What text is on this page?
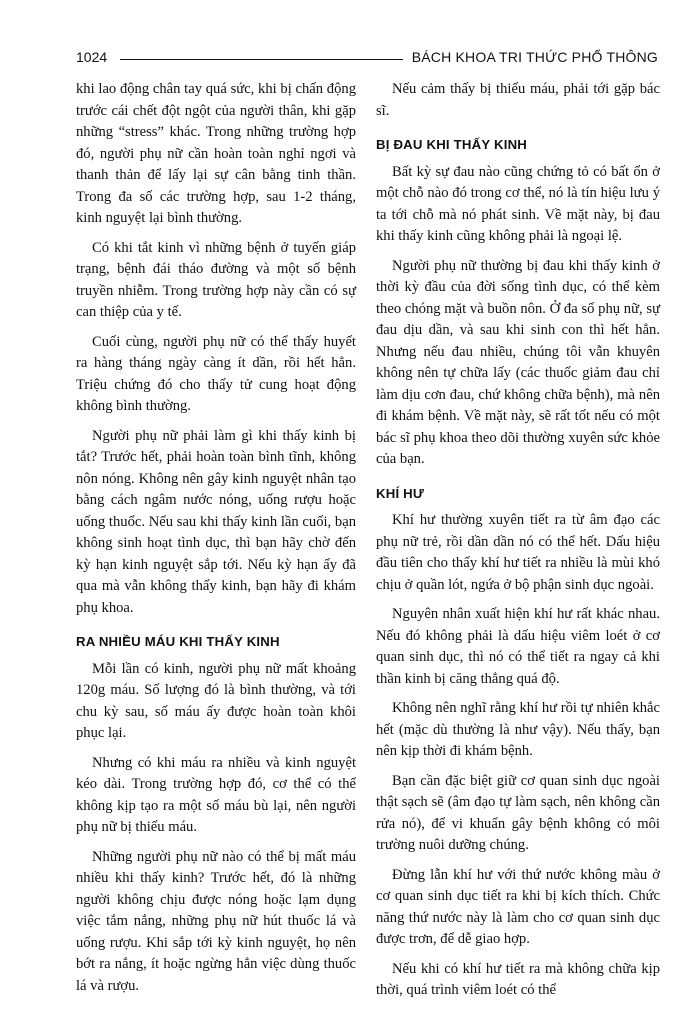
1024	BÁCH KHOA TRI THỨC PHỔ THÔNG

khi lao động chân tay quá sức, khi bị chấn động trước cái chết đột ngột của người thân, khi gặp những “stress” khác. Trong những trường hợp đó, người phụ nữ cần hoàn toàn nghỉ ngơi và thanh thản để lấy lại sự cân bằng tinh thần. Trong đa số các trường hợp, sau 1-2 tháng, kinh nguyệt lại bình thường.

Có khi tắt kinh vì những bệnh ở tuyến giáp trạng, bệnh đái tháo đường và một số bệnh truyền nhiễm. Trong trường hợp này cần có sự can thiệp của y tế.

Cuối cùng, người phụ nữ có thể thấy huyết ra hàng tháng ngày càng ít dần, rồi hết hẳn. Triệu chứng đó cho thấy tử cung hoạt động không bình thường.

Người phụ nữ phải làm gì khi thấy kinh bị tắt? Trước hết, phải hoàn toàn bình tĩnh, không nôn nóng. Không nên gây kinh nguyệt nhân tạo bằng cách ngâm nước nóng, uống rượu hoặc uống thuốc. Nếu sau khi thấy kinh lần cuối, bạn không sinh hoạt tình dục, thì bạn hãy chờ đến kỳ hạn kinh nguyệt sắp tới. Nếu kỳ hạn ấy đã qua mà vẫn không thấy kinh, bạn hãy đi khám phụ khoa.

RA NHIỀU MÁU KHI THẤY KINH

Mỗi lần có kinh, người phụ nữ mất khoảng 120g máu. Số lượng đó là bình thường, và tới chu kỳ sau, số máu ấy được hoàn toàn khôi phục lại.

Nhưng có khi máu ra nhiều và kinh nguyệt kéo dài. Trong trường hợp đó, cơ thể có thể không kịp tạo ra một số máu bù lại, nên người phụ nữ bị thiếu máu.

Những người phụ nữ nào có thể bị mất máu nhiều khi thấy kinh? Trước hết, đó là những người không chịu được nóng hoặc lạm dụng việc tắm nắng, những phụ nữ hút thuốc lá và uống rượu. Khi sắp tới kỳ kinh nguyệt, họ nên bớt ra nắng, ít hoặc ngừng hẳn việc dùng thuốc lá và rượu.

Nếu cảm thấy bị thiếu máu, phải tới gặp bác sĩ.

BỊ ĐAU KHI THẤY KINH

Bất kỳ sự đau nào cũng chứng tỏ có bất ổn ở một chỗ nào đó trong cơ thể, nó là tín hiệu lưu ý ta tới chỗ mà nó phát sinh. Về mặt này, bị đau khi thấy kinh cũng không phải là ngoại lệ.

Người phụ nữ thường bị đau khi thấy kinh ở thời kỳ đầu của đời sống tình dục, có thể kèm theo chóng mặt và buồn nôn. Ở đa số phụ nữ, sự đau dịu dần, và sau khi sinh con thì hết hẳn. Nhưng nếu đau nhiều, chúng tôi vẫn khuyên không nên tự chữa lấy (các thuốc giảm đau chỉ làm dịu cơn đau, chứ không chữa bệnh), mà nên đi khám bệnh. Về mặt này, sẽ rất tốt nếu có một bác sĩ phụ khoa theo dõi thường xuyên sức khỏe của bạn.

KHÍ HƯ

Khí hư thường xuyên tiết ra từ âm đạo các phụ nữ trẻ, rồi dần dần nó có thể hết. Dấu hiệu đầu tiên cho thấy khí hư tiết ra nhiều là mùi khó chịu ở quần lót, ngứa ở bộ phận sinh dục ngoài.

Nguyên nhân xuất hiện khí hư rất khác nhau. Nếu đó không phải là dấu hiệu viêm loét ở cơ quan sinh dục, thì nó có thể tiết ra ngay cả khi thần kinh bị căng thẳng quá độ.

Không nên nghĩ rằng khí hư rồi tự nhiên khắc hết (mặc dù thường là như vậy). Nếu thấy, bạn nên kịp thời đi khám bệnh.

Bạn cần đặc biệt giữ cơ quan sinh dục ngoài thật sạch sẽ (âm đạo tự làm sạch, nên không cần rửa nó), để vi khuẩn gây bệnh không có môi trường nuôi dưỡng chúng.

Đừng lẫn khí hư với thứ nước không màu ở cơ quan sinh dục tiết ra khi bị kích thích. Chức năng thứ nước này là làm cho cơ quan sinh dục được trơn, để dễ giao hợp.

Nếu khi có khí hư tiết ra mà không chữa kịp thời, quá trình viêm loét có thể
